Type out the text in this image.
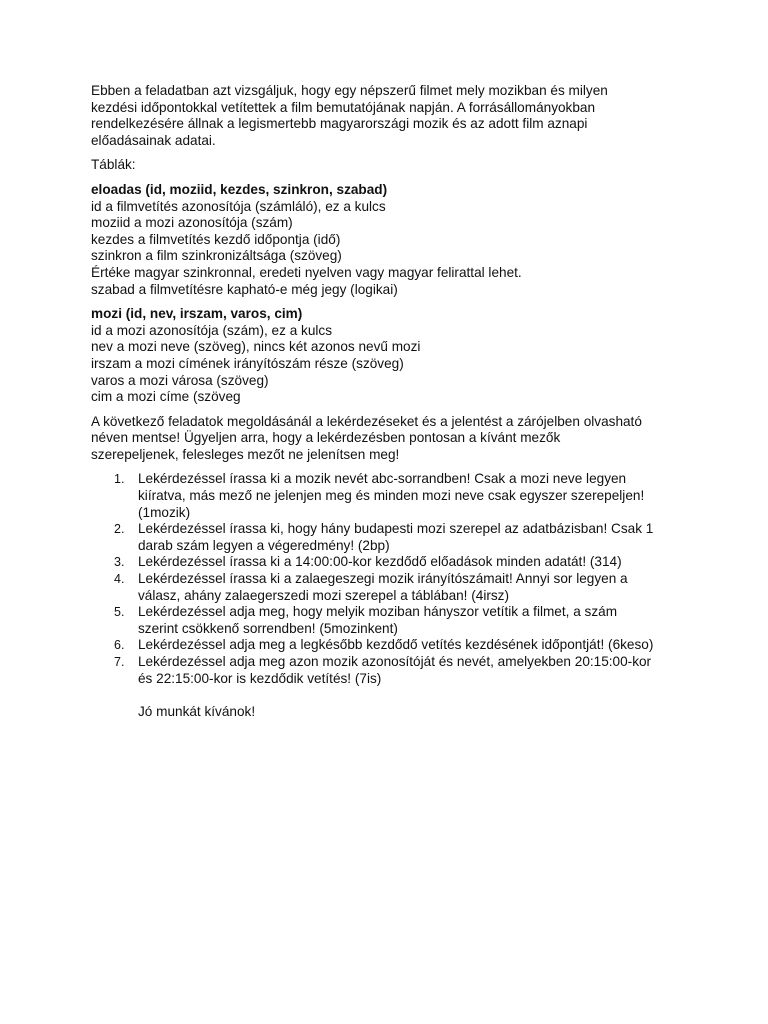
Ebben a feladatban azt vizsgáljuk, hogy egy népszerű filmet mely mozikban és milyen
kezdési időpontokkal vetítettek a film bemutatójának napján. A forrásállományokban
rendelkezésére állnak a legismertebb magyarországi mozik és az adott film aznapi
előadásainak adatai.

Táblák:

eloadas (id, moziid, kezdes, szinkron, szabad)
id a filmvetítés azonosítója (számláló), ez a kulcs
moziid a mozi azonosítója (szám)
kezdes a filmvetítés kezdő időpontja (idő)
szinkron a film szinkronizáltsága (szöveg)
Értéke magyar szinkronnal, eredeti nyelven vagy magyar felirattal lehet.
szabad a filmvetítésre kapható-e még jegy (logikai)
mozi (id, nev, irszam, varos, cim)
id a mozi azonosítója (szám), ez a kulcs
nev a mozi neve (szöveg), nincs két azonos nevű mozi
irszam a mozi címének irányítószám része (szöveg)
varos a mozi városa (szöveg)
cim a mozi címe (szöveg

A következő feladatok megoldásánál a lekérdezéseket és a jelentést a zárójelben olvasható
néven mentse! Ügyeljen arra, hogy a lekérdezésben pontosan a kívánt mezők
szerepeljenek, felesleges mezőt ne jelenítsen meg!

1. Lekérdezéssel írassa ki a mozik nevét abc-sorrandben! Csak a mozi neve legyen
kiíratva, más mező ne jelenjen meg és minden mozi neve csak egyszer szerepeljen!
(1mozik)
2. Lekérdezéssel írassa ki, hogy hány budapesti mozi szerepel az adatbázisban! Csak 1
darab szám legyen a végeredmény! (2bp)
3. Lekérdezéssel írassa ki a 14:00:00-kor kezdődő előadások minden adatát! (314)
4. Lekérdezéssel írassa ki a zalaegeszegi mozik irányítószámait! Annyi sor legyen a
válasz, ahány zalaegerszedi mozi szerepel a táblában! (4irsz)
5. Lekérdezéssel adja meg, hogy melyik moziban hányszor vetítik a filmet, a szám
szerint csökkenő sorrendben! (5mozinkent)
6. Lekérdezéssel adja meg a legkésőbb kezdődő vetítés kezdésének időpontját! (6keso)
7. Lekérdezéssel adja meg azon mozik azonosítóját és nevét, amelyekben 20:15:00-kor
és 22:15:00-kor is kezdődik vetítés! (7is)

Jó munkát kívánok!
